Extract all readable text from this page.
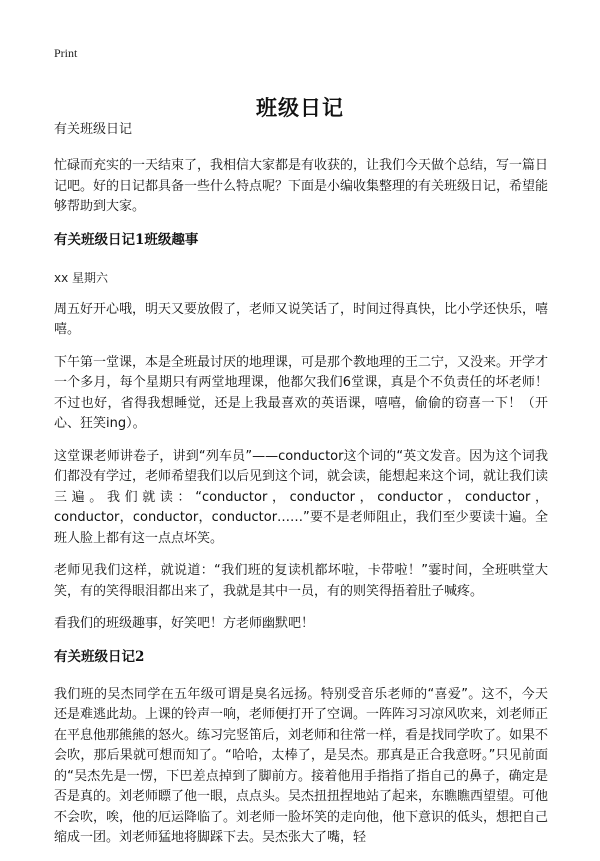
Print
班级日记
有关班级日记

忙碌而充实的一天结束了，我相信大家都是有收获的，让我们今天做个总结，写一篇日记吧。好的日记都具备一些什么特点呢？下面是小编收集整理的有关班级日记，希望能够帮助到大家。

有关班级日记1班级趣事
xx 星期六

周五好开心哦，明天又要放假了，老师又说笑话了，时间过得真快，比小学还快乐，嘻嘻。

下午第一堂课，本是全班最讨厌的地理课，可是那个教地理的王二宁，又没来。开学才一个多月，每个星期只有两堂地理课，他都欠我们6堂课，真是个不负责任的坏老师！不过也好，省得我想睡觉，还是上我最喜欢的英语课，嘻嘻，偷偷的窃喜一下！（开心、狂笑ing）。

这堂课老师讲卷子，讲到“列车员”——conductor这个词的“英文发音。因为这个词我们都没有学过，老师希望我们以后见到这个词，就会读，能想起来这个词，就让我们读三遍。我们就读：“conductor，conductor，conductor，conductor，conductor，conductor，conductor……”要不是老师阻止，我们至少要读十遍。全班人脸上都有这一点点坏笑。

老师见我们这样，就说道：“我们班的复读机都坏啦，卡带啦！”霎时间，全班哄堂大笑，有的笑得眼泪都出来了，我就是其中一员，有的则笑得捂着肚子喊疼。

看我们的班级趣事，好笑吧！方老师幽默吧！

有关班级日记2

我们班的吴杰同学在五年级可谓是臭名远扬。特别受音乐老师的“喜爱”。这不，今天还是难逃此劫。上课的铃声一响，老师便打开了空调。一阵阵习习凉风吹来，刘老师正在平息他那熊熊的怒火。练习完竖笛后，刘老师和往常一样，看是找同学吹了。如果不会吹，那后果就可想而知了。“哈哈，太棒了，是吴杰。那真是正合我意呀。”只见前面的“吴杰先是一愣，下巴差点掉到了脚前方。接着他用手指指了指自己的鼻子，确定是否是真的。刘老师瞟了他一眼，点点头。吴杰扭扭捏地站了起来，东瞧瞧西望望。可他不会吹，唉，他的厄运降临了。刘老师一脸坏笑的走向他，他下意识的低头，想把自己缩成一团。刘老师猛地将脚踩下去。吴杰张大了嘴，轻
